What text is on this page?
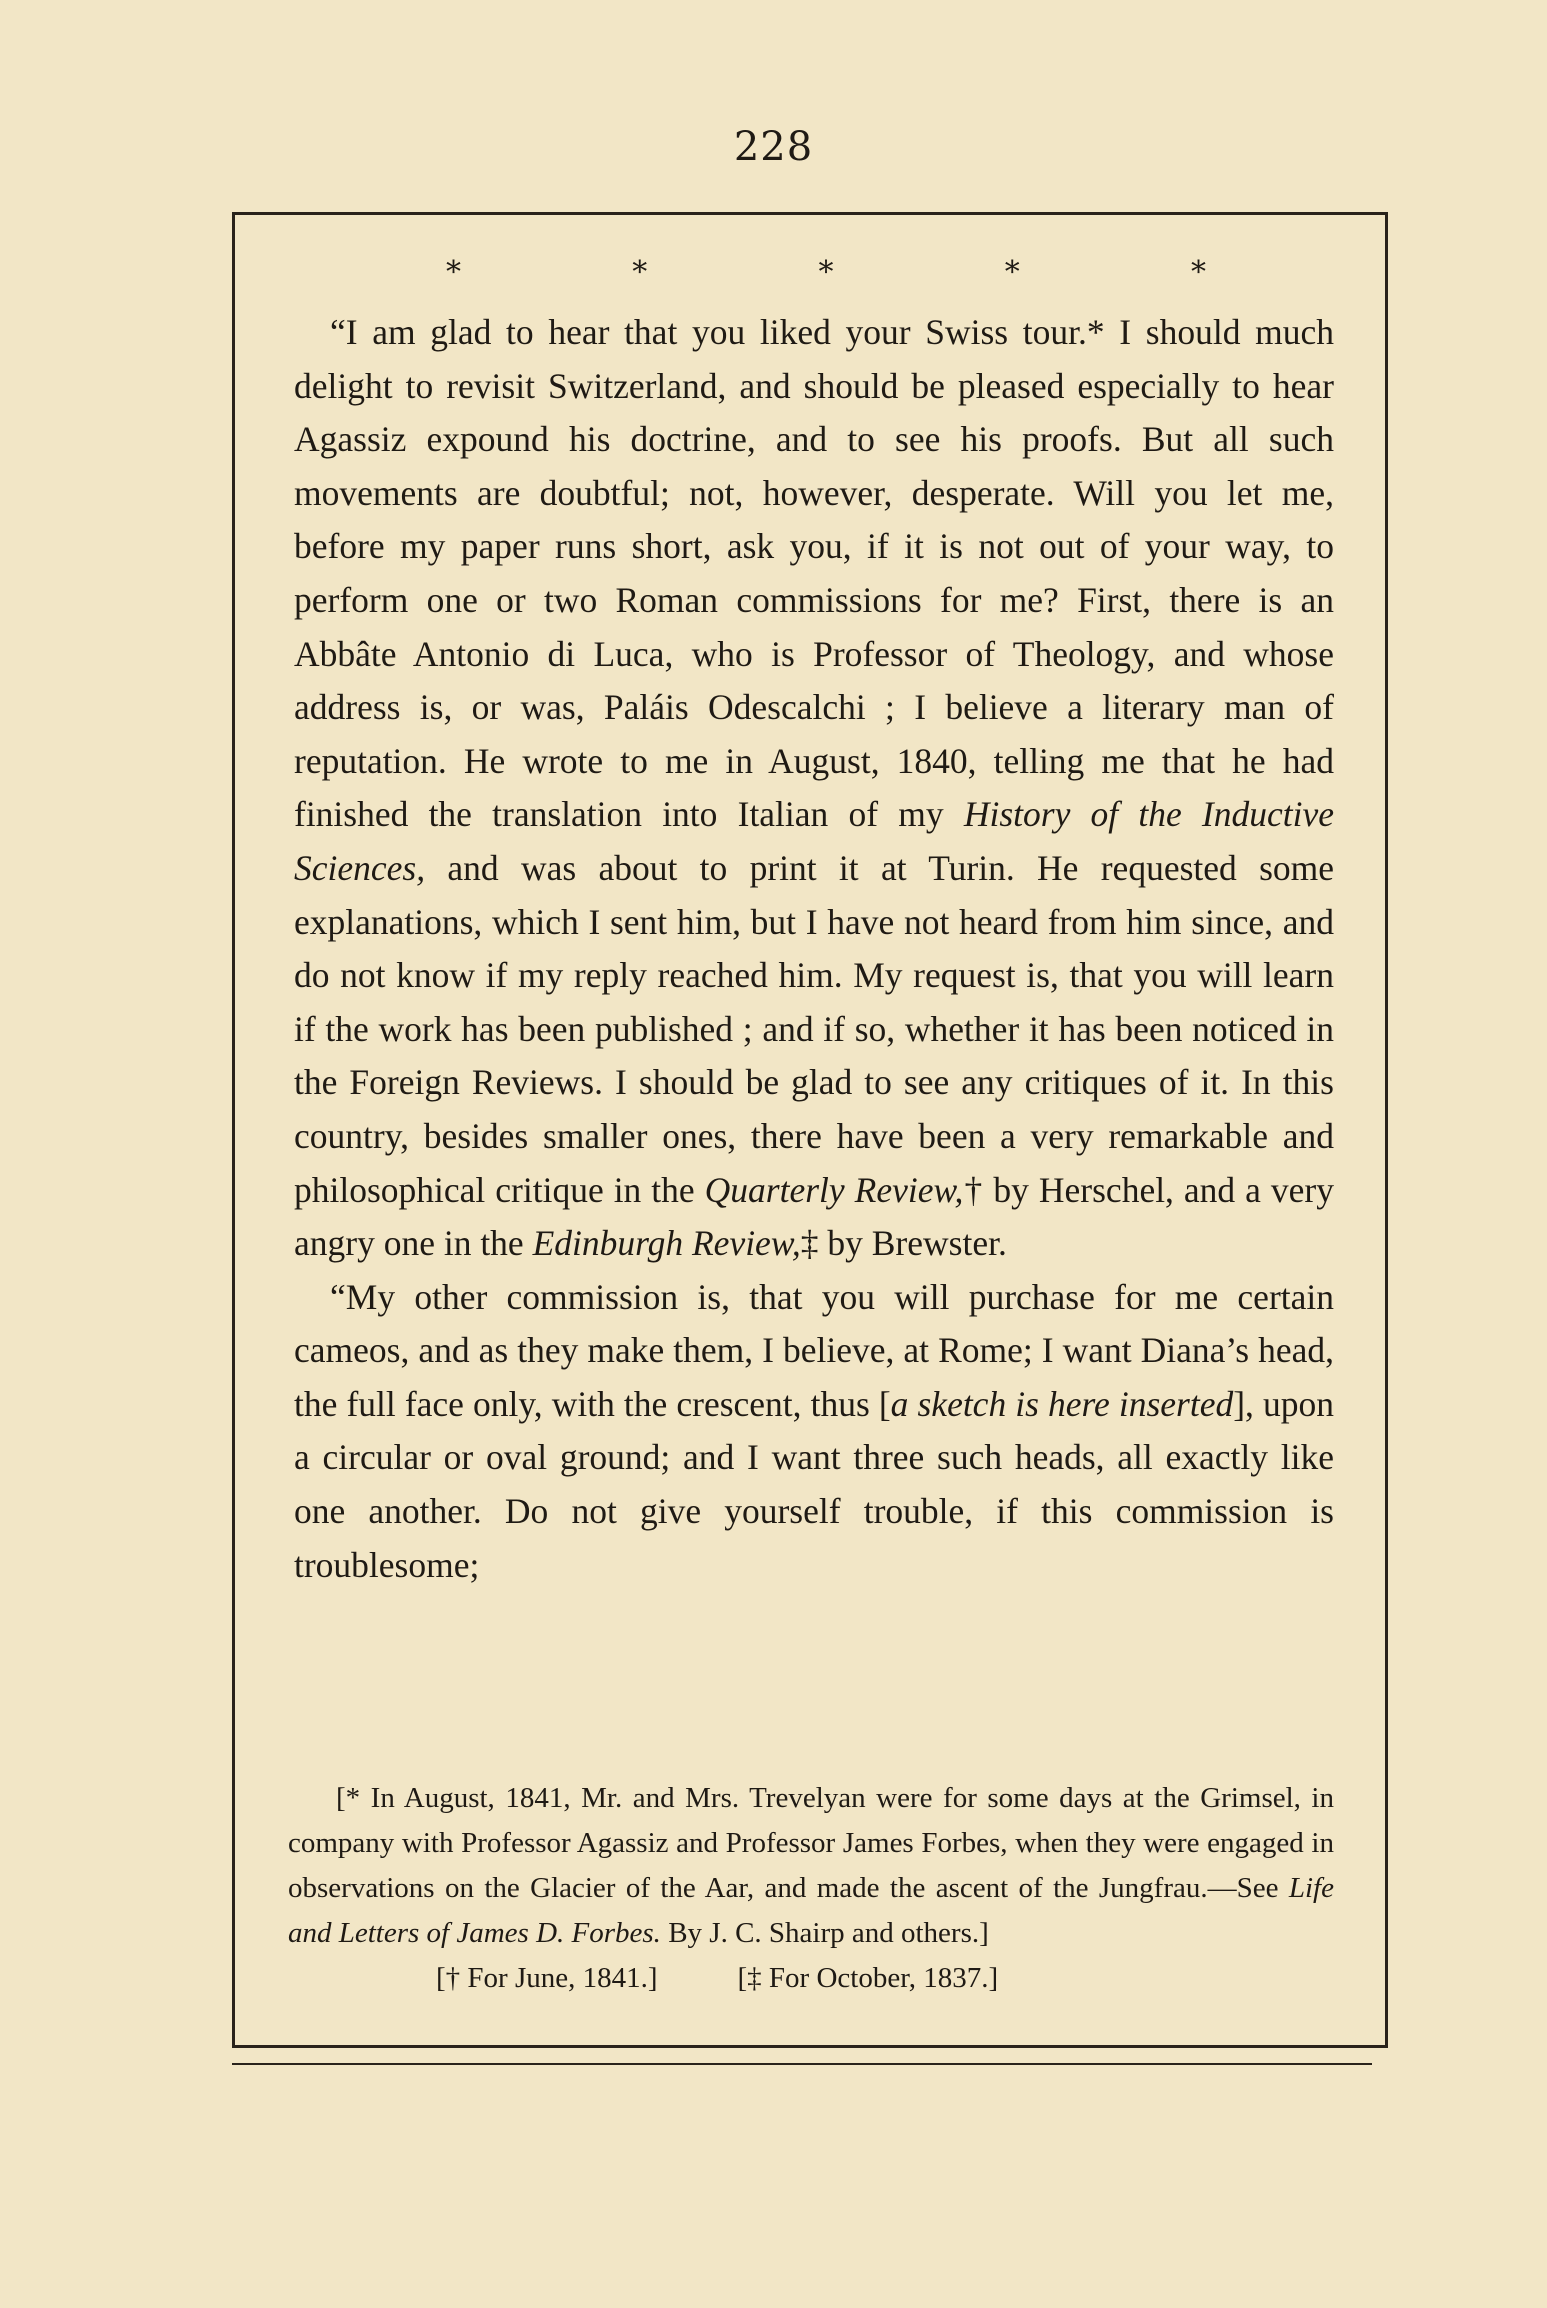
228
*	*	*	*	*

“I am glad to hear that you liked your Swiss tour.* I should much delight to revisit Switzerland, and should be pleased especially to hear Agassiz expound his doctrine, and to see his proofs. But all such movements are doubtful; not, however, desperate. Will you let me, before my paper runs short, ask you, if it is not out of your way, to perform one or two Roman commissions for me? First, there is an Abbâte Antonio di Luca, who is Professor of Theology, and whose address is, or was, Paláis Odescalchi ; I believe a literary man of reputation. He wrote to me in August, 1840, telling me that he had finished the translation into Italian of my History of the Inductive Sciences, and was about to print it at Turin. He requested some explanations, which I sent him, but I have not heard from him since, and do not know if my reply reached him. My request is, that you will learn if the work has been published ; and if so, whether it has been noticed in the Foreign Reviews. I should be glad to see any critiques of it. In this country, besides smaller ones, there have been a very remarkable and philosophical critique in the Quarterly Review,† by Herschel, and a very angry one in the Edinburgh Review,‡ by Brewster.

“My other commission is, that you will purchase for me certain cameos, and as they make them, I believe, at Rome; I want Diana’s head, the full face only, with the crescent, thus [a sketch is here inserted], upon a circular or oval ground; and I want three such heads, all exactly like one another. Do not give yourself trouble, if this commission is troublesome;

[* In August, 1841, Mr. and Mrs. Trevelyan were for some days at the Grimsel, in company with Professor Agassiz and Professor James Forbes, when they were engaged in observations on the Glacier of the Aar, and made the ascent of the Jungfrau.—See Life and Letters of James D. Forbes. By J. C. Shairp and others.]

[† For June, 1841.]	[‡ For October, 1837.]
